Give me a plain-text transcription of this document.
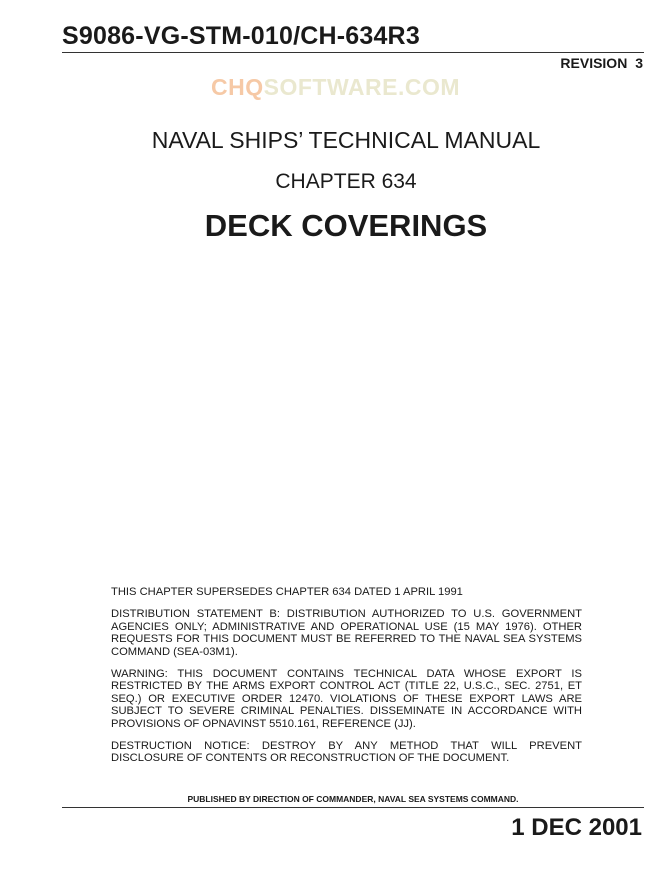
S9086-VG-STM-010/CH-634R3
REVISION 3
CHQSOFTWARE.COM
NAVAL SHIPS’ TECHNICAL MANUAL
CHAPTER 634
DECK COVERINGS

THIS CHAPTER SUPERSEDES CHAPTER 634 DATED 1 APRIL 1991

DISTRIBUTION STATEMENT B: DISTRIBUTION AUTHORIZED TO U.S. GOVERNMENT AGENCIES ONLY; ADMINISTRATIVE AND OPERATIONAL USE (15 MAY 1976). OTHER REQUESTS FOR THIS DOCUMENT MUST BE REFERRED TO THE NAVAL SEA SYSTEMS COMMAND (SEA-03M1).

WARNING: THIS DOCUMENT CONTAINS TECHNICAL DATA WHOSE EXPORT IS RESTRICTED BY THE ARMS EXPORT CONTROL ACT (TITLE 22, U.S.C., SEC. 2751, ET SEQ.) OR EXECUTIVE ORDER 12470. VIOLATIONS OF THESE EXPORT LAWS ARE SUBJECT TO SEVERE CRIMINAL PENALTIES. DISSEMINATE IN ACCORDANCE WITH PROVISIONS OF OPNAVINST 5510.161, REFERENCE (JJ).

DESTRUCTION NOTICE: DESTROY BY ANY METHOD THAT WILL PREVENT DISCLOSURE OF CONTENTS OR RECONSTRUCTION OF THE DOCUMENT.

PUBLISHED BY DIRECTION OF COMMANDER, NAVAL SEA SYSTEMS COMMAND.
1 DEC 2001
